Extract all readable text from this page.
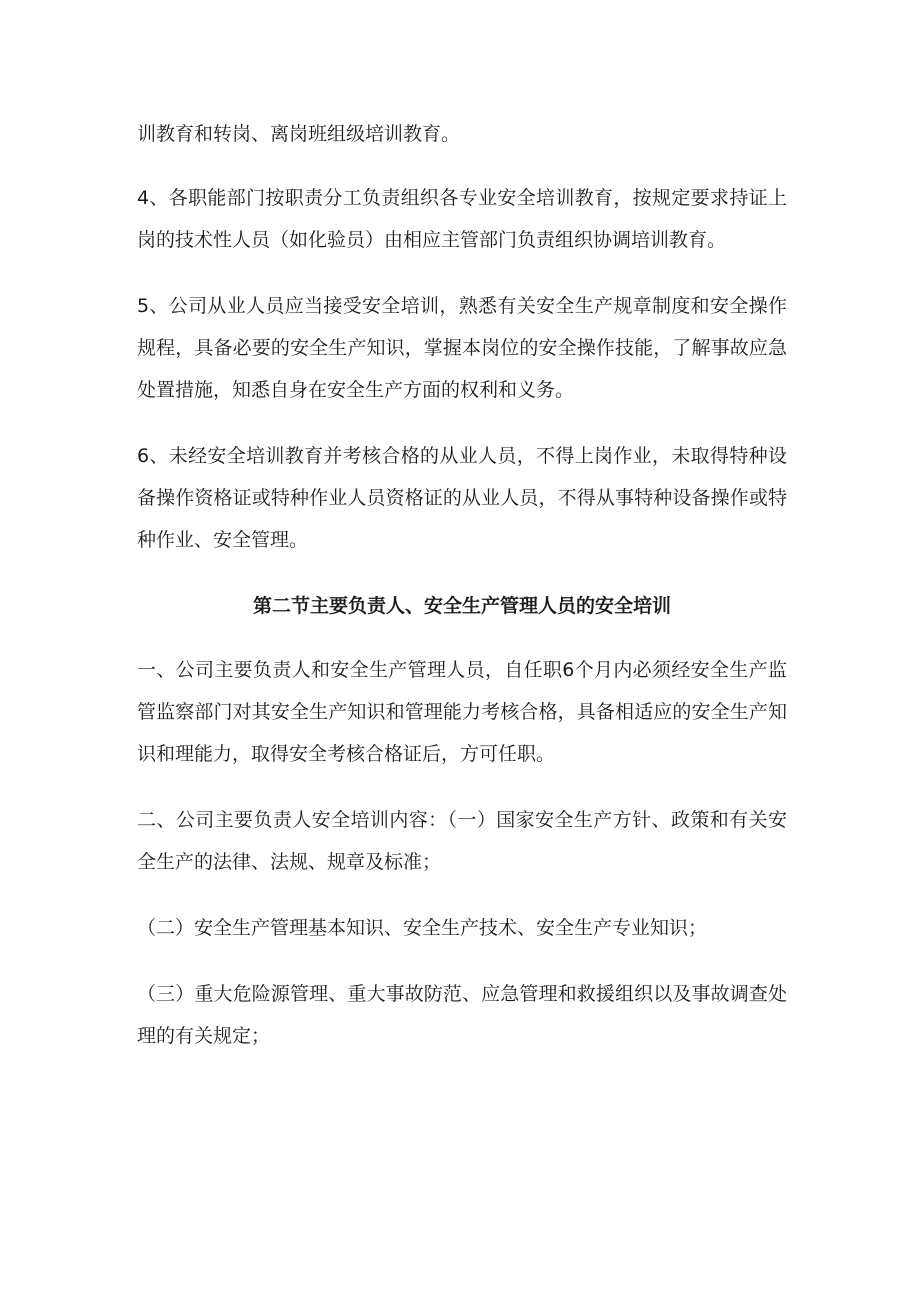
训教育和转岗、离岗班组级培训教育。

4、各职能部门按职责分工负责组织各专业安全培训教育，按规定要求持证上岗的技术性人员（如化验员）由相应主管部门负责组织协调培训教育。

5、公司从业人员应当接受安全培训，熟悉有关安全生产规章制度和安全操作规程，具备必要的安全生产知识，掌握本岗位的安全操作技能，了解事故应急处置措施，知悉自身在安全生产方面的权利和义务。

6、未经安全培训教育并考核合格的从业人员，不得上岗作业，未取得特种设备操作资格证或特种作业人员资格证的从业人员，不得从事特种设备操作或特种作业、安全管理。

第二节主要负责人、安全生产管理人员的安全培训

一、公司主要负责人和安全生产管理人员，自任职6个月内必须经安全生产监管监察部门对其安全生产知识和管理能力考核合格，具备相适应的安全生产知识和理能力，取得安全考核合格证后，方可任职。

二、公司主要负责人安全培训内容：（一）国家安全生产方针、政策和有关安全生产的法律、法规、规章及标准；

（二）安全生产管理基本知识、安全生产技术、安全生产专业知识；

（三）重大危险源管理、重大事故防范、应急管理和救援组织以及事故调查处理的有关规定；
